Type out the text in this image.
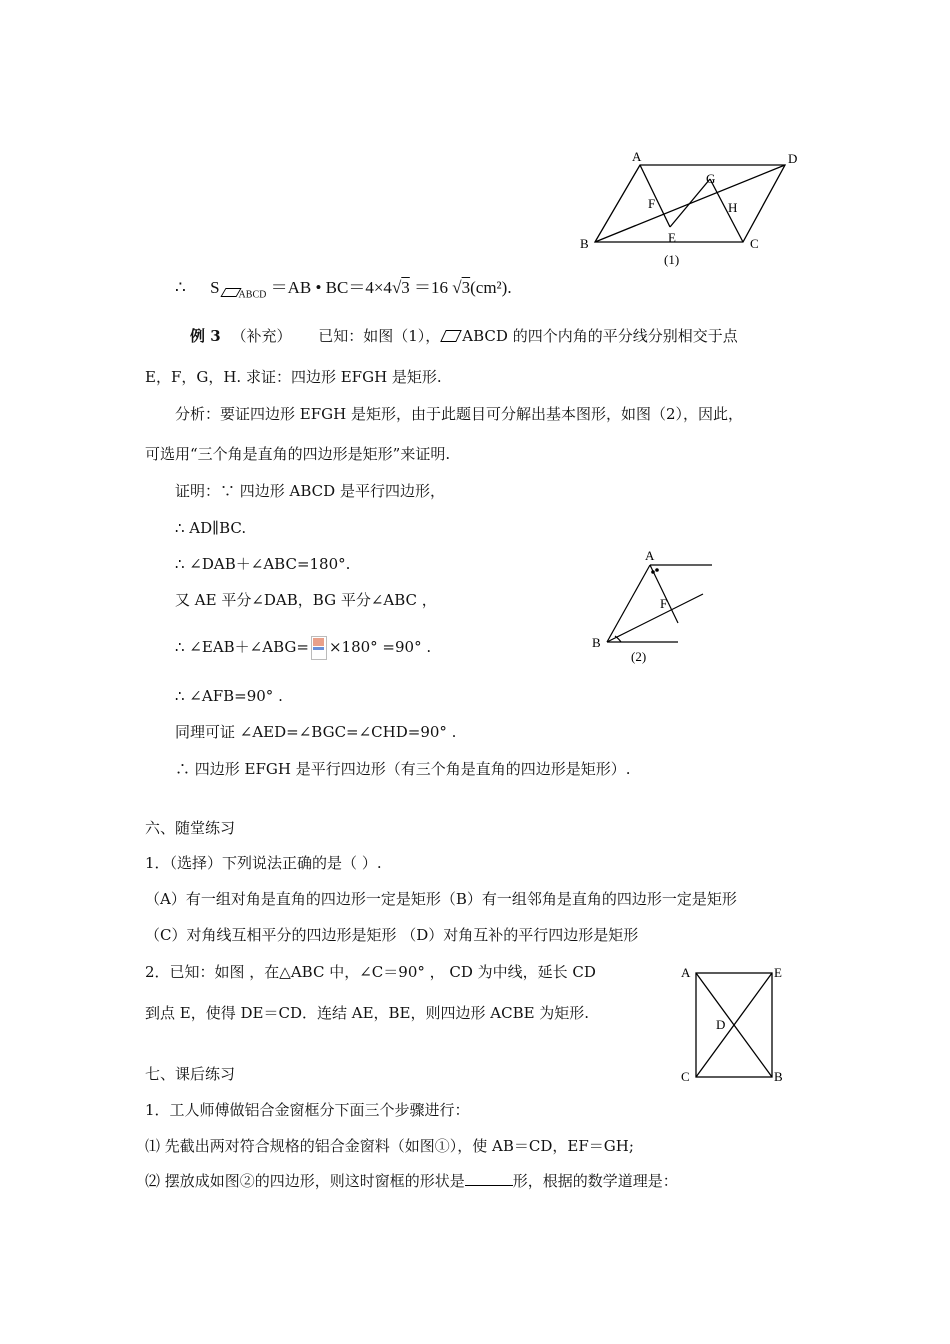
A	D
G
F	H
B	E	C
(1)
∴ S $_{ABCD}$ ＝AB • BC＝4×4√3 ＝16 √3(cm²).
例 3 （补充） 已知：如图（1）， ABCD 的四个内角的平分线分别相交于点
E，F，G，H. 求证：四边形 EFGH 是矩形.
分析：要证四边形 EFGH 是矩形，由于此题目可分解出基本图形，如图（2），因此，
可选用“三个角是直角的四边形是矩形”来证明.
证明：∵ 四边形 ABCD 是平行四边形，
∴ AD∥BC.
∴ ∠DAB＋∠ABC=180°.
又 AE 平分∠DAB，BG 平分∠ABC ，
∴ ∠EAB＋∠ABG= ×180° =90° .
∴ ∠AFB=90° .
同理可证 ∠AED=∠BGC=∠CHD=90° .
∴ 四边形 EFGH 是平行四边形（有三个角是直角的四边形是矩形）.
A
F
B
(2)
六、随堂练习
1．（选择）下列说法正确的是（ ）.
（A）有一组对角是直角的四边形一定是矩形（B）有一组邻角是直角的四边形一定是矩形
（C）对角线互相平分的四边形是矩形 （D）对角互补的平行四边形是矩形
2．已知：如图 ，在△ABC 中，∠C＝90° ， CD 为中线，延长 CD
到点 E，使得 DE＝CD．连结 AE，BE，则四边形 ACBE 为矩形.
A	E
D
C	B
七、课后练习
1．工人师傅做铝合金窗框分下面三个步骤进行：
⑴ 先截出两对符合规格的铝合金窗料（如图①），使 AB＝CD，EF＝GH;
⑵ 摆放成如图②的四边形，则这时窗框的形状是	形，根据的数学道理是：
